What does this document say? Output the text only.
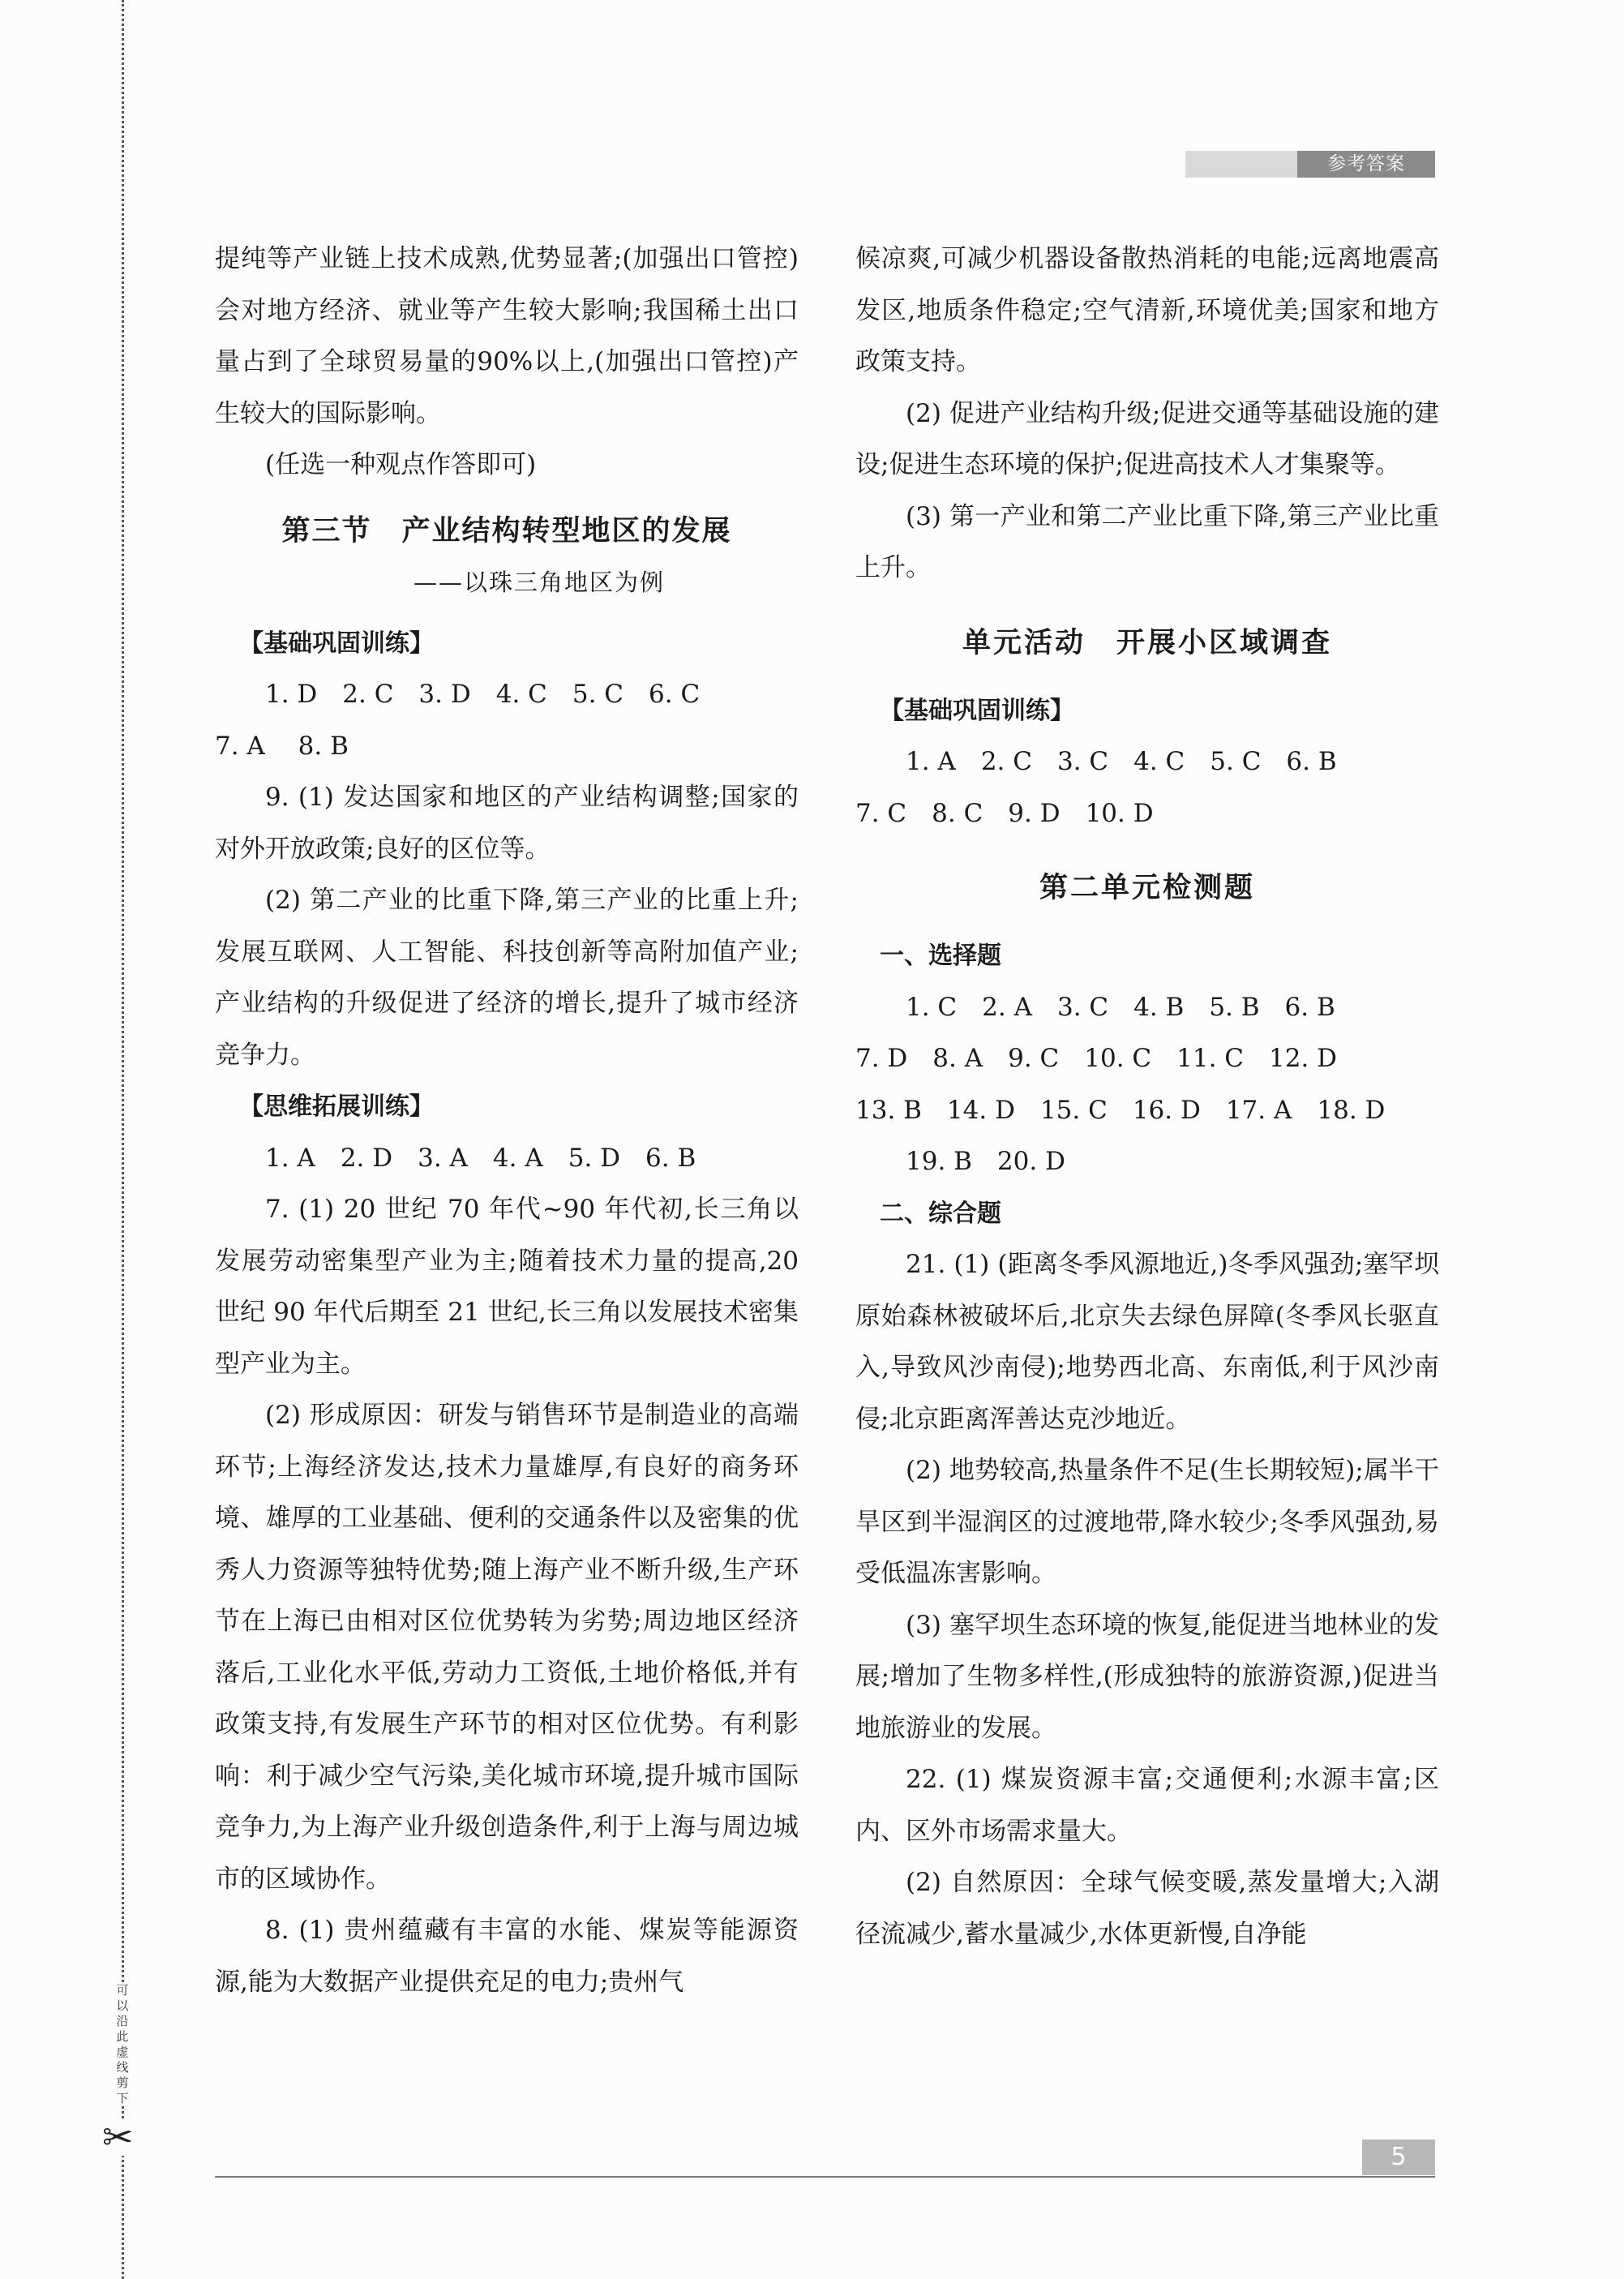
可以沿此虚线剪下
✂
参考答案

提纯等产业链上技术成熟,优势显著;(加强出口管控)会对地方经济、就业等产生较大影响;我国稀土出口量占到了全球贸易量的90%以上,(加强出口管控)产生较大的国际影响。

(任选一种观点作答即可)

第三节　产业结构转型地区的发展

——以珠三角地区为例

【基础巩固训练】

1. D　2. C　3. D　4. C　5. C　6. C

7. A　 8. B

9. (1) 发达国家和地区的产业结构调整;国家的对外开放政策;良好的区位等。

(2) 第二产业的比重下降,第三产业的比重上升;发展互联网、人工智能、科技创新等高附加值产业;产业结构的升级促进了经济的增长,提升了城市经济竞争力。

【思维拓展训练】

1. A　2. D　3. A　4. A　5. D　6. B

7. (1) 20 世纪 70 年代~90 年代初,长三角以发展劳动密集型产业为主;随着技术力量的提高,20 世纪 90 年代后期至 21 世纪,长三角以发展技术密集型产业为主。

(2) 形成原因：研发与销售环节是制造业的高端环节;上海经济发达,技术力量雄厚,有良好的商务环境、雄厚的工业基础、便利的交通条件以及密集的优秀人力资源等独特优势;随上海产业不断升级,生产环节在上海已由相对区位优势转为劣势;周边地区经济落后,工业化水平低,劳动力工资低,土地价格低,并有政策支持,有发展生产环节的相对区位优势。有利影响：利于减少空气污染,美化城市环境,提升城市国际竞争力,为上海产业升级创造条件,利于上海与周边城市的区域协作。

8. (1) 贵州蕴藏有丰富的水能、煤炭等能源资源,能为大数据产业提供充足的电力;贵州气

候凉爽,可减少机器设备散热消耗的电能;远离地震高发区,地质条件稳定;空气清新,环境优美;国家和地方政策支持。

(2) 促进产业结构升级;促进交通等基础设施的建设;促进生态环境的保护;促进高技术人才集聚等。

(3) 第一产业和第二产业比重下降,第三产业比重上升。

单元活动　开展小区域调查

【基础巩固训练】

1. A　2. C　3. C　4. C　5. C　6. B

7. C　8. C　9. D　10. D

第二单元检测题

一、选择题

1. C　2. A　3. C　4. B　5. B　6. B

7. D　8. A　9. C　10. C　11. C　12. D

13. B　14. D　15. C　16. D　17. A　18. D

19. B　20. D

二、综合题

21. (1) (距离冬季风源地近,)冬季风强劲;塞罕坝原始森林被破坏后,北京失去绿色屏障(冬季风长驱直入,导致风沙南侵);地势西北高、东南低,利于风沙南侵;北京距离浑善达克沙地近。

(2) 地势较高,热量条件不足(生长期较短);属半干旱区到半湿润区的过渡地带,降水较少;冬季风强劲,易受低温冻害影响。

(3) 塞罕坝生态环境的恢复,能促进当地林业的发展;增加了生物多样性,(形成独特的旅游资源,)促进当地旅游业的发展。

22. (1) 煤炭资源丰富;交通便利;水源丰富;区内、区外市场需求量大。

(2) 自然原因：全球气候变暖,蒸发量增大;入湖径流减少,蓄水量减少,水体更新慢,自净能

5
